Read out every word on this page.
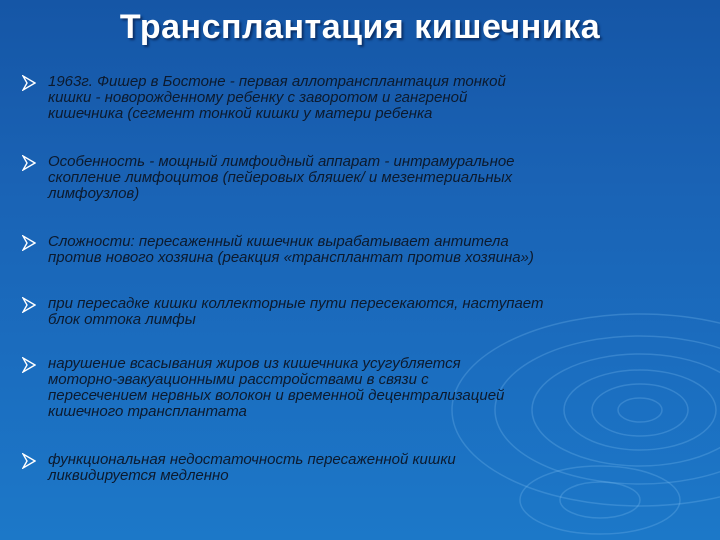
Трансплантация кишечника
1963г. Фишер в Бостоне - первая аллотрансплантация тонкой
кишки - новорожденному ребенку с заворотом и гангреной
кишечника (сегмент тонкой кишки у матери ребенка
Особенность - мощный лимфоидный аппарат - интрамуральное
скопление лимфоцитов (пейеровых бляшек/ и мезентериальных
лимфоузлов)
Сложности: пересаженный кишечник вырабатывает антитела
против нового хозяина (реакция «трансплантат против хозяина»)
при пересадке кишки коллекторные пути пересекаются, наступает
блок оттока лимфы
нарушение всасывания жиров из кишечника усугубляется
моторно-эвакуационными расстройствами в связи с
пересечением нервных волокон и временной децентрализацией
кишечного трансплантата
функциональная недостаточность пересаженной кишки
ликвидируется медленно
